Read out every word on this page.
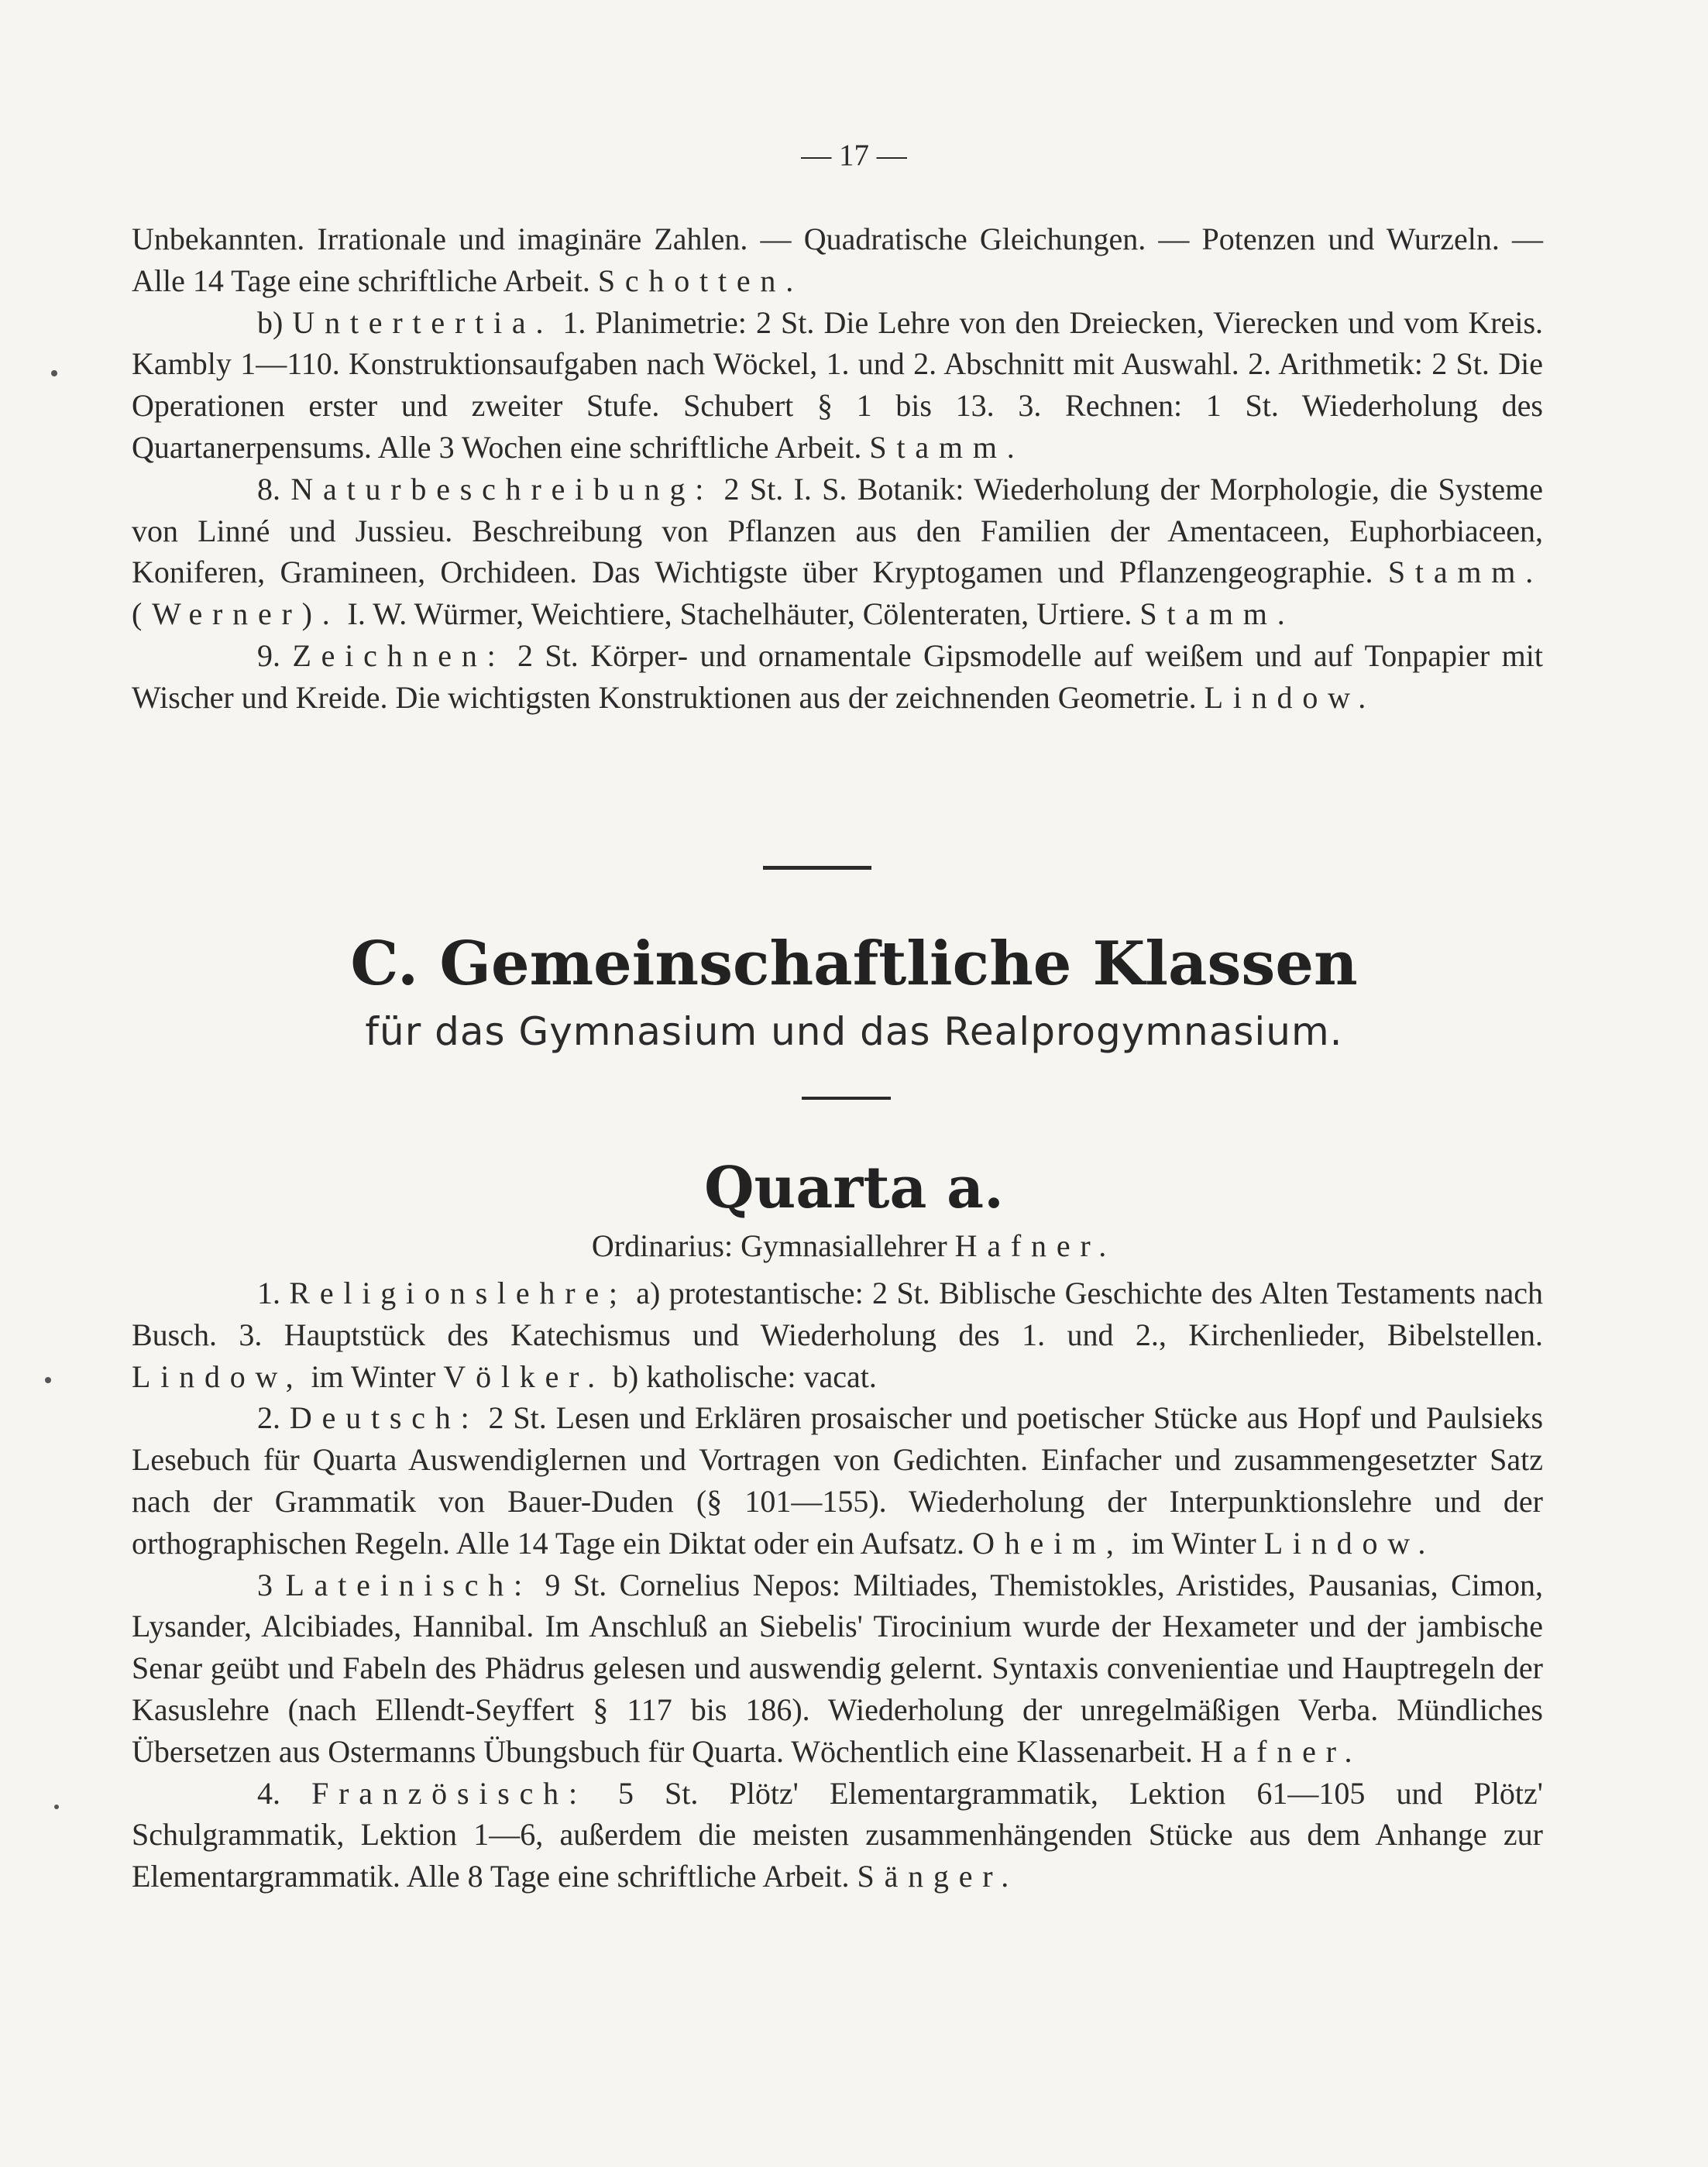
— 17 —

Unbekannten. Irrationale und imaginäre Zahlen. — Quadratische Gleichungen. — Potenzen und Wurzeln. — Alle 14 Tage eine schriftliche Arbeit. Schotten.

b) Untertertia. 1. Planimetrie: 2 St. Die Lehre von den Dreiecken, Vierecken und vom Kreis. Kambly 1—110. Konstruktionsaufgaben nach Wöckel, 1. und 2. Abschnitt mit Auswahl. 2. Arithmetik: 2 St. Die Operationen erster und zweiter Stufe. Schubert § 1 bis 13. 3. Rechnen: 1 St. Wiederholung des Quartanerpensums. Alle 3 Wochen eine schriftliche Arbeit. Stamm.

8. Naturbeschreibung: 2 St. I. S. Botanik: Wiederholung der Morphologie, die Systeme von Linné und Jussieu. Beschreibung von Pflanzen aus den Familien der Amentaceen, Euphorbiaceen, Koniferen, Gramineen, Orchideen. Das Wichtigste über Kryptogamen und Pflanzengeographie. Stamm. (Werner). I. W. Würmer, Weichtiere, Stachelhäuter, Cölenteraten, Urtiere. Stamm.

9. Zeichnen: 2 St. Körper- und ornamentale Gipsmodelle auf weißem und auf Tonpapier mit Wischer und Kreide. Die wichtigsten Konstruktionen aus der zeichnenden Geometrie. Lindow.

C. Gemeinschaftliche Klassen
für das Gymnasium und das Realprogymnasium.
Quarta a.
Ordinarius: Gymnasiallehrer Hafner.

1. Religionslehre; a) protestantische: 2 St. Biblische Geschichte des Alten Testaments nach Busch. 3. Hauptstück des Katechismus und Wiederholung des 1. und 2., Kirchenlieder, Bibelstellen. Lindow, im Winter Völker. b) katholische: vacat.

2. Deutsch: 2 St. Lesen und Erklären prosaischer und poetischer Stücke aus Hopf und Paulsieks Lesebuch für Quarta Auswendiglernen und Vortragen von Gedichten. Einfacher und zusammengesetzter Satz nach der Grammatik von Bauer-Duden (§ 101—155). Wiederholung der Interpunktionslehre und der orthographischen Regeln. Alle 14 Tage ein Diktat oder ein Aufsatz. Oheim, im Winter Lindow.

3 Lateinisch: 9 St. Cornelius Nepos: Miltiades, Themistokles, Aristides, Pausanias, Cimon, Lysander, Alcibiades, Hannibal. Im Anschluß an Siebelis' Tirocinium wurde der Hexameter und der jambische Senar geübt und Fabeln des Phädrus gelesen und auswendig gelernt. Syntaxis convenientiae und Hauptregeln der Kasuslehre (nach Ellendt-Seyffert § 117 bis 186). Wiederholung der unregelmäßigen Verba. Mündliches Übersetzen aus Ostermanns Übungsbuch für Quarta. Wöchentlich eine Klassenarbeit. Hafner.

4. Französisch: 5 St. Plötz' Elementargrammatik, Lektion 61—105 und Plötz' Schulgrammatik, Lektion 1—6, außerdem die meisten zusammenhängenden Stücke aus dem Anhange zur Elementargrammatik. Alle 8 Tage eine schriftliche Arbeit. Sänger.
